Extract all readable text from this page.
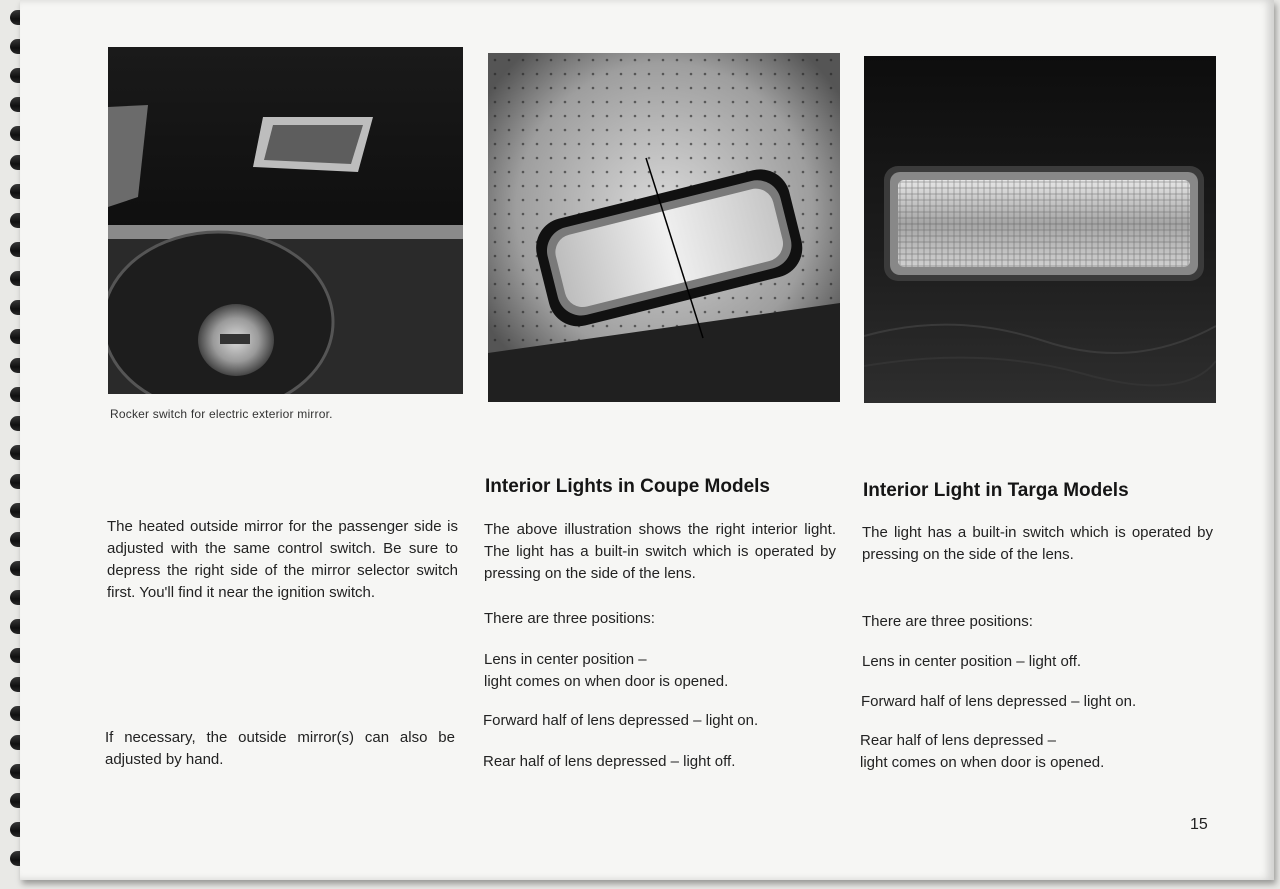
Rocker switch for electric exterior mirror.
The heated outside mirror for the passenger side is adjusted with the same control switch. Be sure to depress the right side of the mirror selector switch first. You'll find it near the ignition switch.
If necessary, the outside mirror(s) can also be adjusted by hand.
Interior Lights in Coupe Models
The above illustration shows the right interior light. The light has a built-in switch which is operated by pressing on the side of the lens.
There are three positions:
Lens in center position –
light comes on when door is opened.
Forward half of lens depressed – light on.
Rear half of lens depressed – light off.
Interior Light in Targa Models
The light has a built-in switch which is operated by pressing on the side of the lens.
There are three positions:
Lens in center position – light off.
Forward half of lens depressed – light on.
Rear half of lens depressed –
light comes on when door is opened.
15
